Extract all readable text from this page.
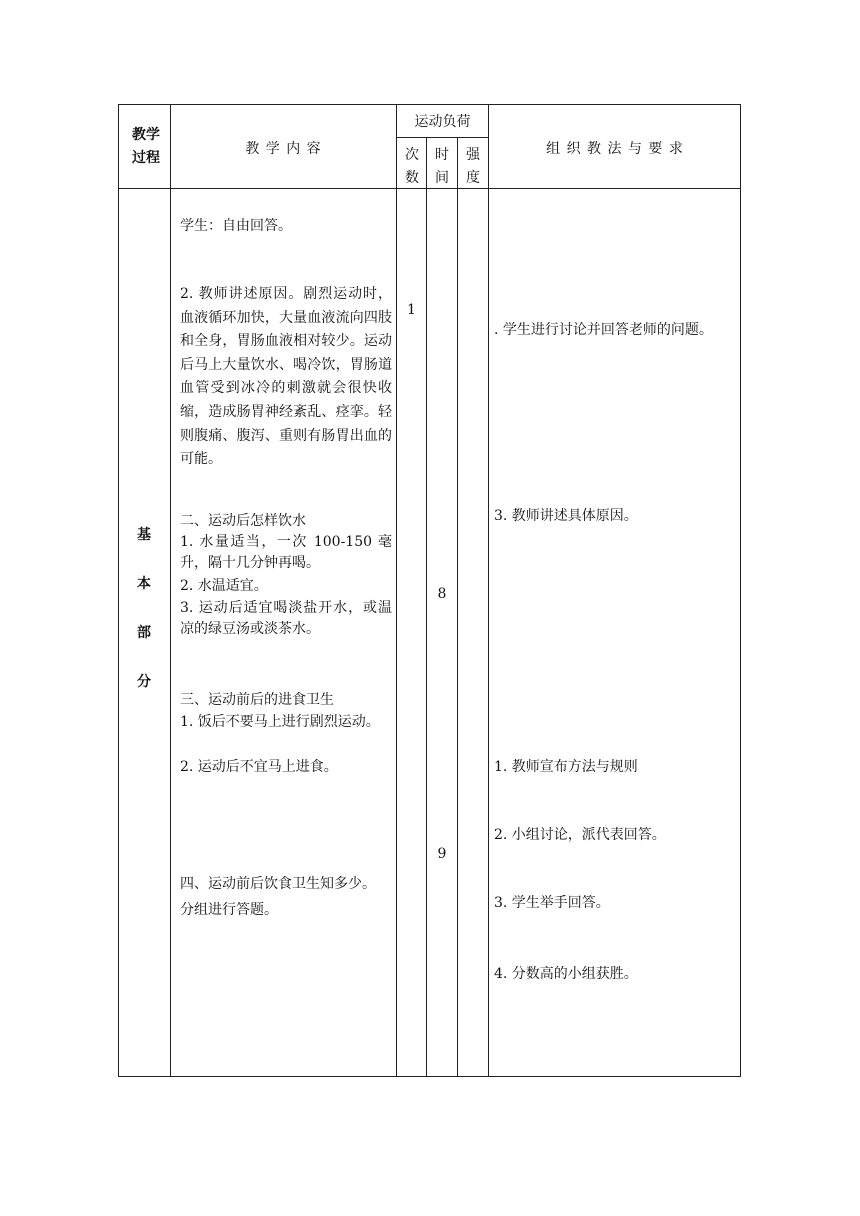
教学过程
教 学 内 容
运动负荷
次数
时间
强度
组 织 教 法 与 要 求
基
本
部
分
学生：自由回答。
2. 教师讲述原因。剧烈运动时，血液循环加快，大量血液流向四肢和全身，胃肠血液相对较少。运动后马上大量饮水、喝冷饮，胃肠道血管受到冰冷的刺激就会很快收缩，造成肠胃神经紊乱、痉挛。轻则腹痛、腹泻、重则有肠胃出血的可能。
二、运动后怎样饮水
1. 水量适当，一次 100-150 毫升，隔十几分钟再喝。
2. 水温适宜。
3. 运动后适宜喝淡盐开水，或温凉的绿豆汤或淡茶水。
三、运动前后的进食卫生
1. 饭后不要马上进行剧烈运动。
2. 运动后不宜马上进食。
四、运动前后饮食卫生知多少。
分组进行答题。
1
8
9
. 学生进行讨论并回答老师的问题。
3. 教师讲述具体原因。
1. 教师宣布方法与规则
2. 小组讨论，派代表回答。
3. 学生举手回答。
4. 分数高的小组获胜。
